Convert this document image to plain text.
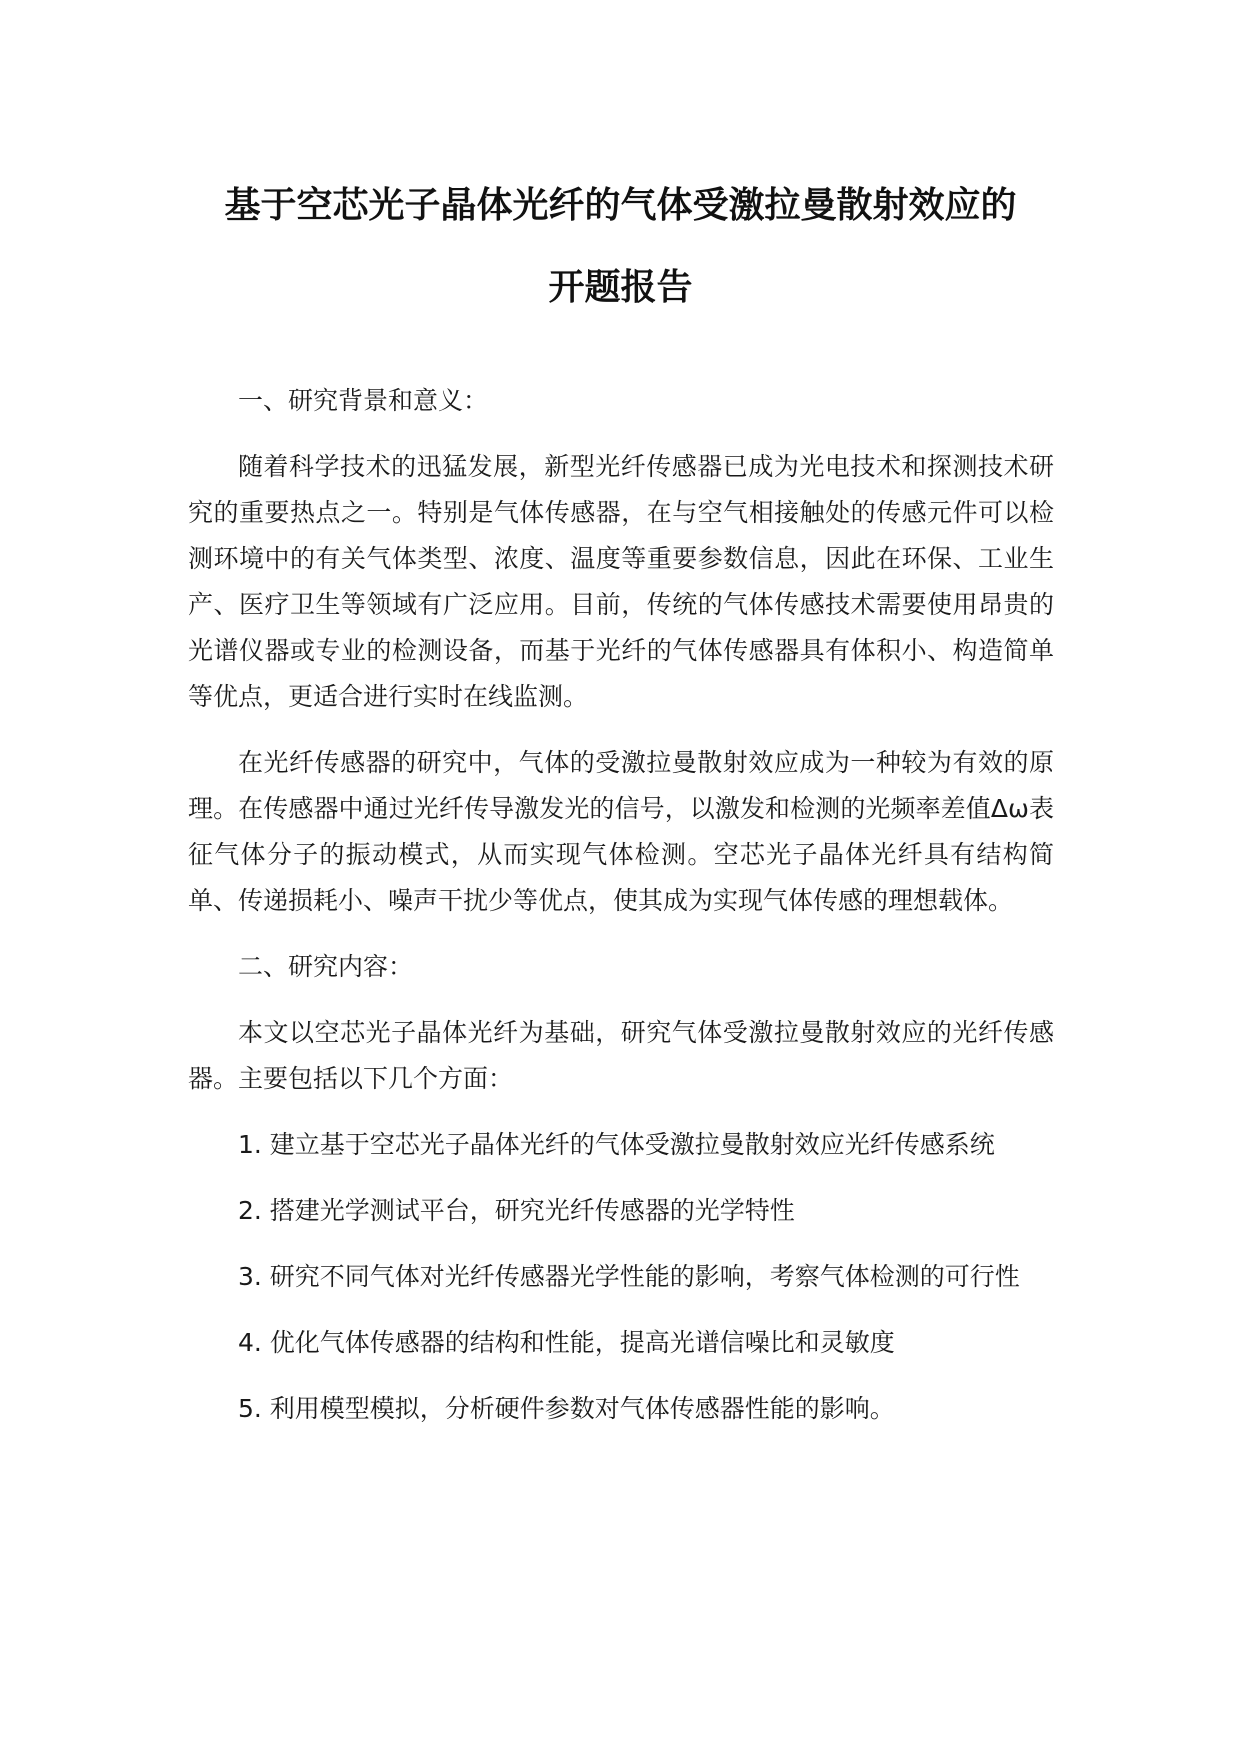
基于空芯光子晶体光纤的气体受激拉曼散射效应的
开题报告

一、研究背景和意义：

随着科学技术的迅猛发展，新型光纤传感器已成为光电技术和探测技术研究的重要热点之一。特别是气体传感器，在与空气相接触处的传感元件可以检测环境中的有关气体类型、浓度、温度等重要参数信息，因此在环保、工业生产、医疗卫生等领域有广泛应用。目前，传统的气体传感技术需要使用昂贵的光谱仪器或专业的检测设备，而基于光纤的气体传感器具有体积小、构造简单等优点，更适合进行实时在线监测。

在光纤传感器的研究中，气体的受激拉曼散射效应成为一种较为有效的原理。在传感器中通过光纤传导激发光的信号，以激发和检测的光频率差值Δω表征气体分子的振动模式，从而实现气体检测。空芯光子晶体光纤具有结构简单、传递损耗小、噪声干扰少等优点，使其成为实现气体传感的理想载体。

二、研究内容：

本文以空芯光子晶体光纤为基础，研究气体受激拉曼散射效应的光纤传感器。主要包括以下几个方面：

1. 建立基于空芯光子晶体光纤的气体受激拉曼散射效应光纤传感系统

2. 搭建光学测试平台，研究光纤传感器的光学特性

3. 研究不同气体对光纤传感器光学性能的影响，考察气体检测的可行性

4. 优化气体传感器的结构和性能，提高光谱信噪比和灵敏度

5. 利用模型模拟，分析硬件参数对气体传感器性能的影响。
